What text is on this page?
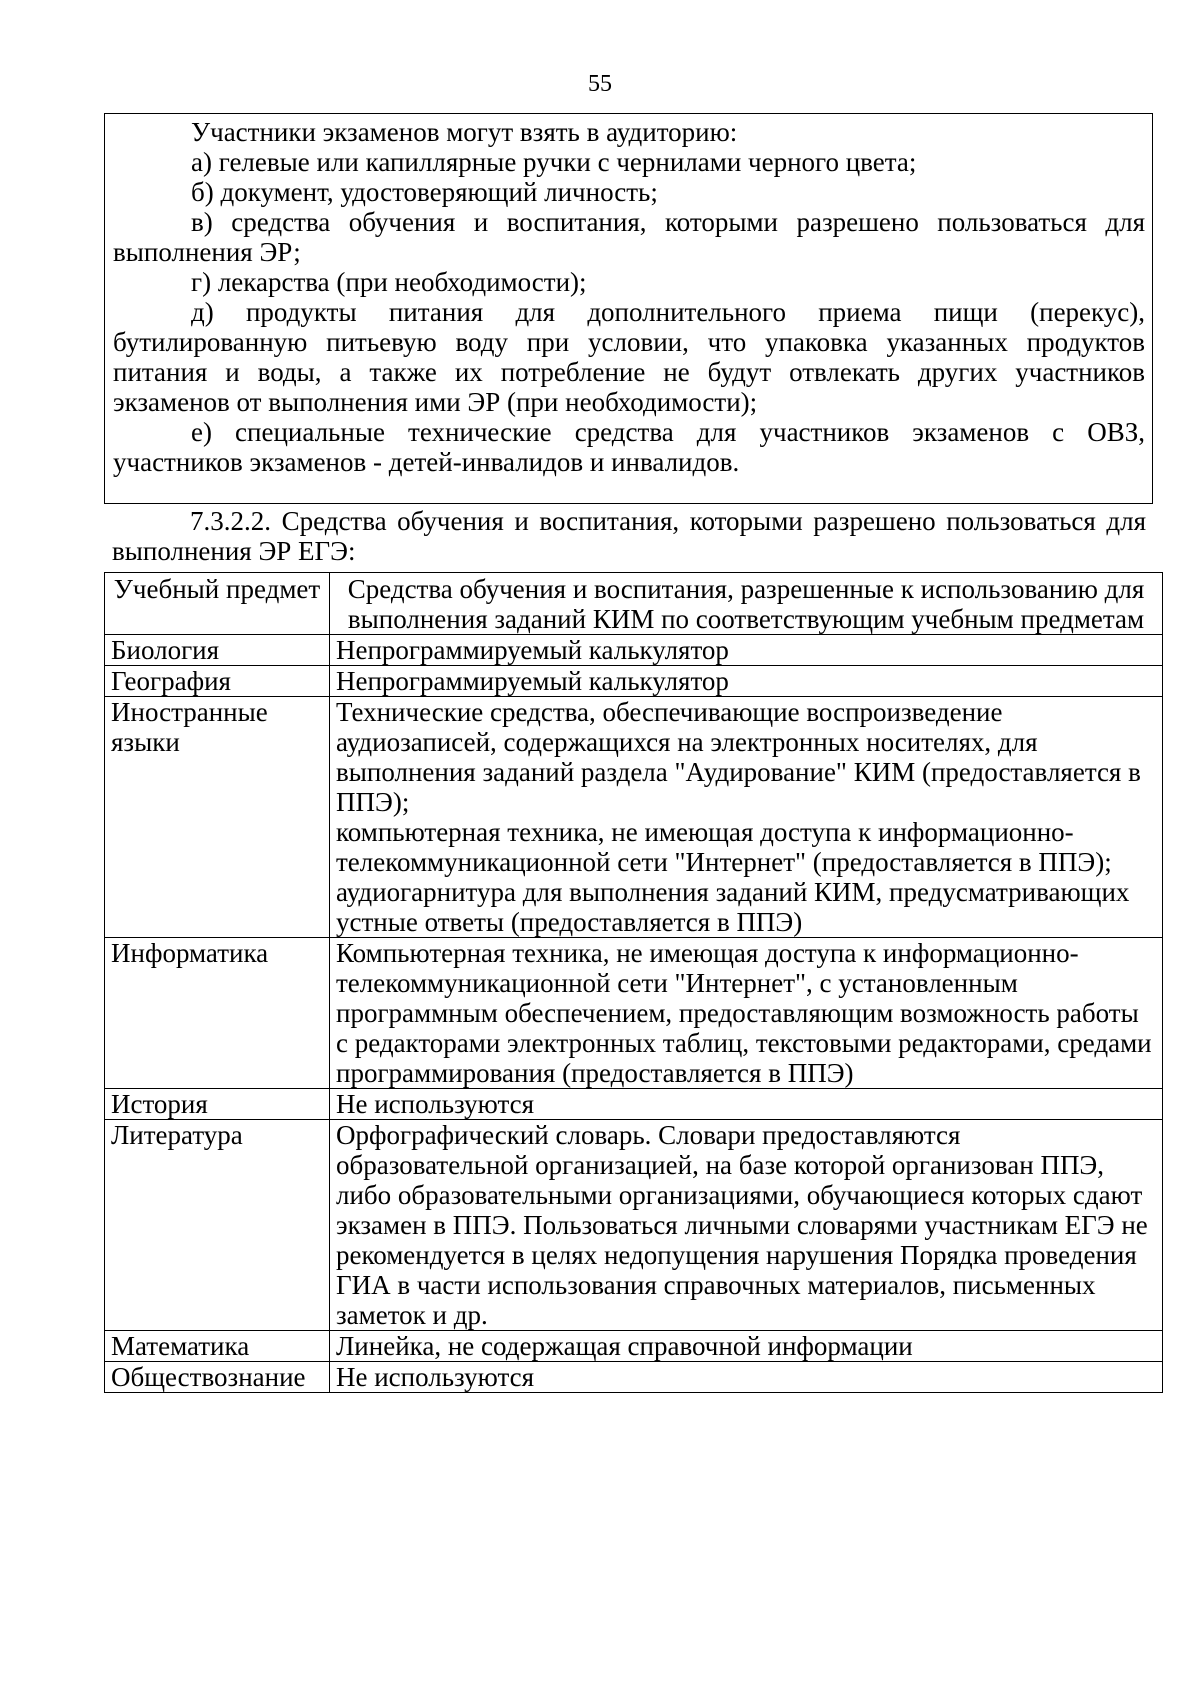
55

Участники экзаменов могут взять в аудиторию:

а) гелевые или капиллярные ручки с чернилами черного цвета;

б) документ, удостоверяющий личность;

в) средства обучения и воспитания, которыми разрешено пользоваться для выполнения ЭР;

г) лекарства (при необходимости);

д) продукты питания для дополнительного приема пищи (перекус), бутилированную питьевую воду при условии, что упаковка указанных продуктов питания и воды, а также их потребление не будут отвлекать других участников экзаменов от выполнения ими ЭР (при необходимости);

е) специальные технические средства для участников экзаменов с ОВЗ, участников экзаменов - детей-инвалидов и инвалидов.

7.3.2.2. Средства обучения и воспитания, которыми разрешено пользоваться для выполнения ЭР ЕГЭ:

Учебный предмет	Средства обучения и воспитания, разрешенные к использованию для выполнения заданий КИМ по соответствующим учебным предметам
Биология	Непрограммируемый калькулятор

География	Непрограммируемый калькулятор

Иностранные языки	Технические средства, обеспечивающие воспроизведение аудиозаписей, содержащихся на электронных носителях, для выполнения заданий раздела "Аудирование" КИМ (предоставляется в ППЭ);
компьютерная техника, не имеющая доступа к информационно-телекоммуникационной сети "Интернет" (предоставляется в ППЭ);
аудиогарнитура для выполнения заданий КИМ, предусматривающих устные ответы (предоставляется в ППЭ)

Информатика	Компьютерная техника, не имеющая доступа к информационно-телекоммуникационной сети "Интернет", с установленным программным обеспечением, предоставляющим возможность работы с редакторами электронных таблиц, текстовыми редакторами, средами программирования (предоставляется в ППЭ)

История	Не используются

Литература	Орфографический словарь. Словари предоставляются образовательной организацией, на базе которой организован ППЭ, либо образовательными организациями, обучающиеся которых сдают экзамен в ППЭ. Пользоваться личными словарями участникам ЕГЭ не рекомендуется в целях недопущения нарушения Порядка проведения ГИА в части использования справочных материалов, письменных заметок и др.

Математика	Линейка, не содержащая справочной информации

Обществознание	Не используются
